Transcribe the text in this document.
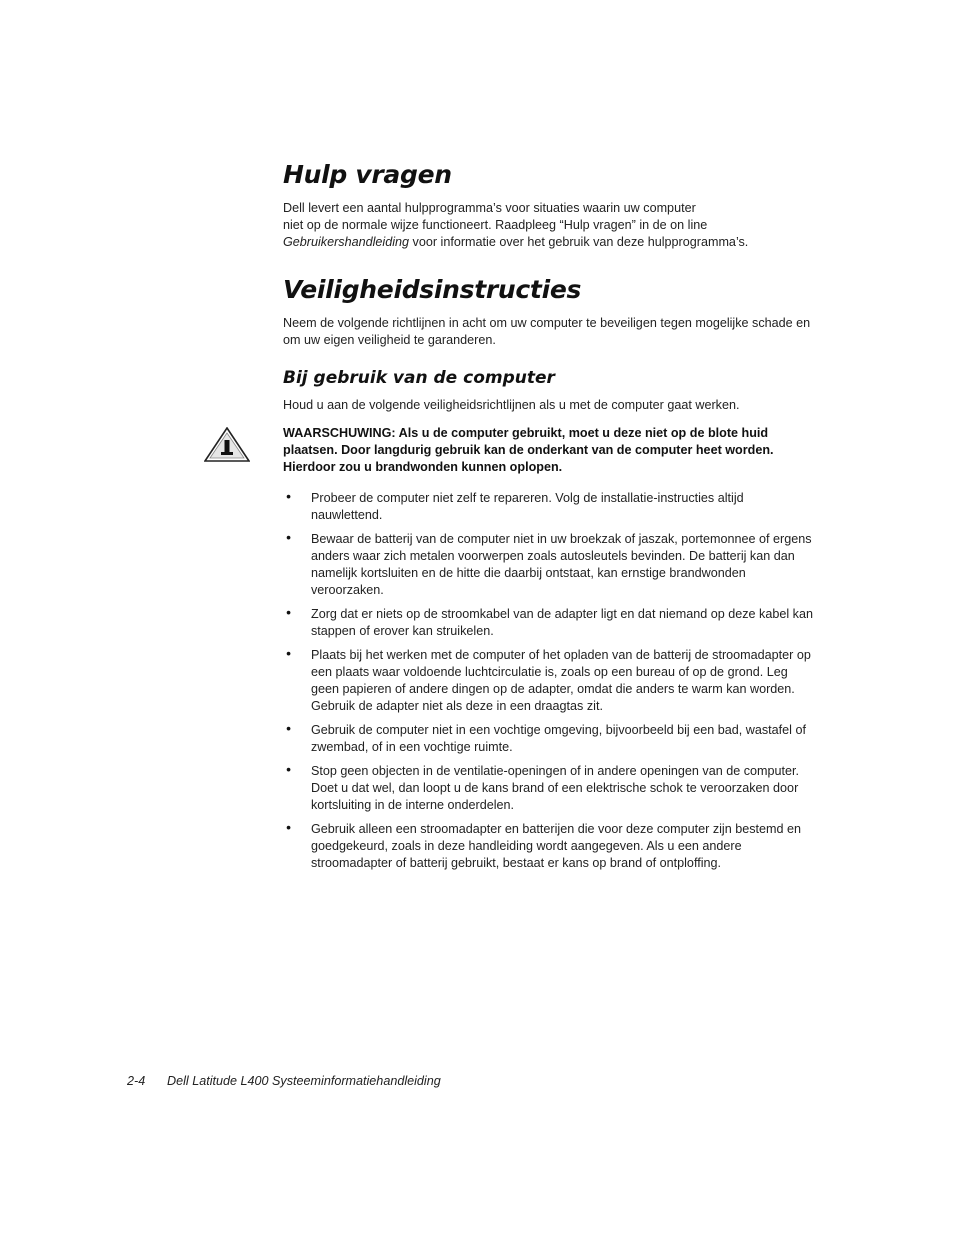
Hulp vragen

Dell levert een aantal hulpprogramma’s voor situaties waarin uw computer
niet op de normale wijze functioneert. Raadpleeg “Hulp vragen” in de on line
Gebruikershandleiding voor informatie over het gebruik van deze hulpprogramma’s.

Veiligheidsinstructies

Neem de volgende richtlijnen in acht om uw computer te beveiligen tegen mogelijke schade en om uw eigen veiligheid te garanderen.

Bij gebruik van de computer

Houd u aan de volgende veiligheidsrichtlijnen als u met de computer gaat werken.

WAARSCHUWING: Als u de computer gebruikt, moet u deze niet op de blote huid plaatsen. Door langdurig gebruik kan de onderkant van de computer heet worden. Hierdoor zou u brandwonden kunnen oplopen.
• Probeer de computer niet zelf te repareren. Volg de installatie-instructies altijd nauwlettend.
• Bewaar de batterij van de computer niet in uw broekzak of jaszak, portemonnee of ergens anders waar zich metalen voorwerpen zoals autosleutels bevinden. De batterij kan dan namelijk kortsluiten en de hitte die daarbij ontstaat, kan ernstige brandwonden veroorzaken.
• Zorg dat er niets op de stroomkabel van de adapter ligt en dat niemand op deze kabel kan stappen of erover kan struikelen.
• Plaats bij het werken met de computer of het opladen van de batterij de stroomadapter op een plaats waar voldoende luchtcirculatie is, zoals op een bureau of op de grond. Leg geen papieren of andere dingen op de adapter, omdat die anders te warm kan worden. Gebruik de adapter niet als deze in een draagtas zit.
• Gebruik de computer niet in een vochtige omgeving, bijvoorbeeld bij een bad, wastafel of zwembad, of in een vochtige ruimte.
• Stop geen objecten in de ventilatie-openingen of in andere openingen van de computer. Doet u dat wel, dan loopt u de kans brand of een elektrische schok te veroorzaken door kortsluiting in de interne onderdelen.
• Gebruik alleen een stroomadapter en batterijen die voor deze computer zijn bestemd en goedgekeurd, zoals in deze handleiding wordt aangegeven. Als u een andere stroomadapter of batterij gebruikt, bestaat er kans op brand of ontploffing.
2-4 Dell Latitude L400 Systeeminformatiehandleiding
